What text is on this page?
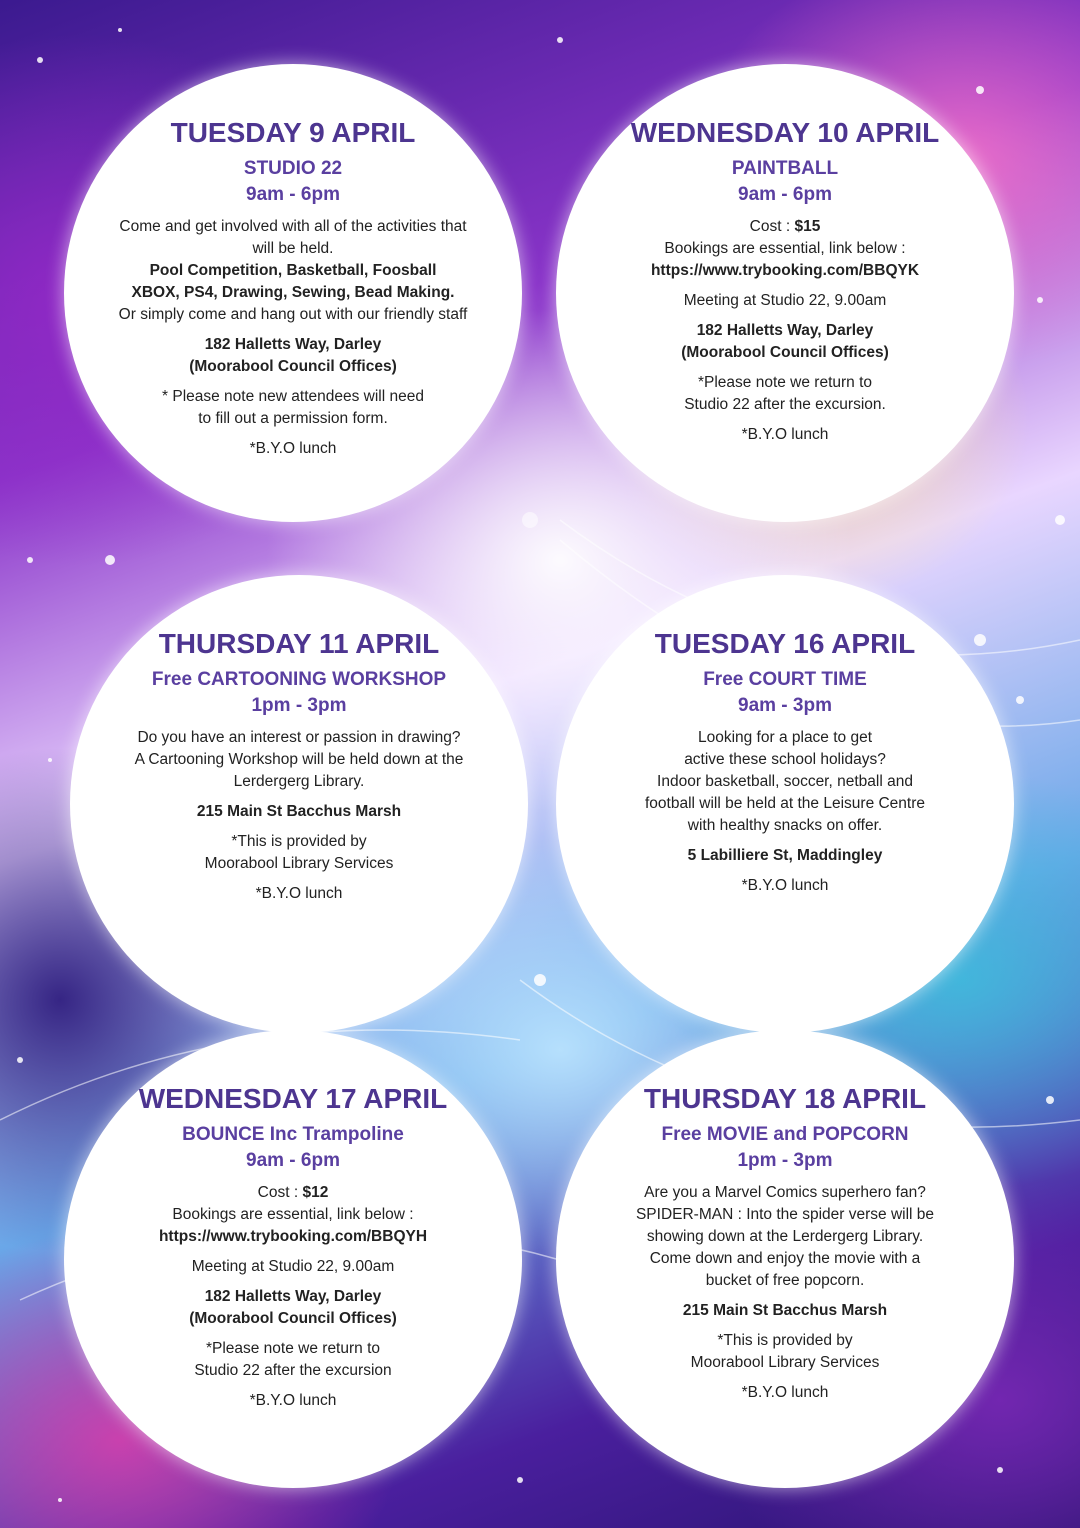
TUESDAY 9 APRIL
STUDIO 22
9am - 6pm
Come and get involved with all of the activities that
will be held.
Pool Competition, Basketball, Foosball
XBOX, PS4, Drawing, Sewing, Bead Making.
Or simply come and hang out with our friendly staff
182 Halletts Way, Darley
(Moorabool Council Offices)
* Please note new attendees will need
to fill out a permission form.
*B.Y.O lunch
WEDNESDAY 10 APRIL
PAINTBALL
9am - 6pm
Cost : $15
Bookings are essential, link below :
https://www.trybooking.com/BBQYK
Meeting at Studio 22, 9.00am
182 Halletts Way, Darley
(Moorabool Council Offices)
*Please note we return to
Studio 22 after the excursion.
*B.Y.O lunch
THURSDAY 11 APRIL
Free CARTOONING WORKSHOP
1pm - 3pm
Do you have an interest or passion in drawing?
A Cartooning Workshop will be held down at the
Lerdergerg Library.
215 Main St Bacchus Marsh
*This is provided by
Moorabool Library Services
*B.Y.O lunch
TUESDAY 16 APRIL
Free COURT TIME
9am - 3pm
Looking for a place to get
active these school holidays?
Indoor basketball, soccer, netball and
football will be held at the Leisure Centre
with healthy snacks on offer.
5 Labilliere St, Maddingley
*B.Y.O lunch
WEDNESDAY 17 APRIL
BOUNCE Inc Trampoline
9am - 6pm
Cost : $12
Bookings are essential, link below :
https://www.trybooking.com/BBQYH
Meeting at Studio 22, 9.00am
182 Halletts Way, Darley
(Moorabool Council Offices)
*Please note we return to
Studio 22 after the excursion
*B.Y.O lunch
THURSDAY 18 APRIL
Free MOVIE and POPCORN
1pm - 3pm
Are you a Marvel Comics superhero fan?
SPIDER-MAN : Into the spider verse will be
showing down at the Lerdergerg Library.
Come down and enjoy the movie with a
bucket of free popcorn.
215 Main St Bacchus Marsh
*This is provided by
Moorabool Library Services
*B.Y.O lunch
